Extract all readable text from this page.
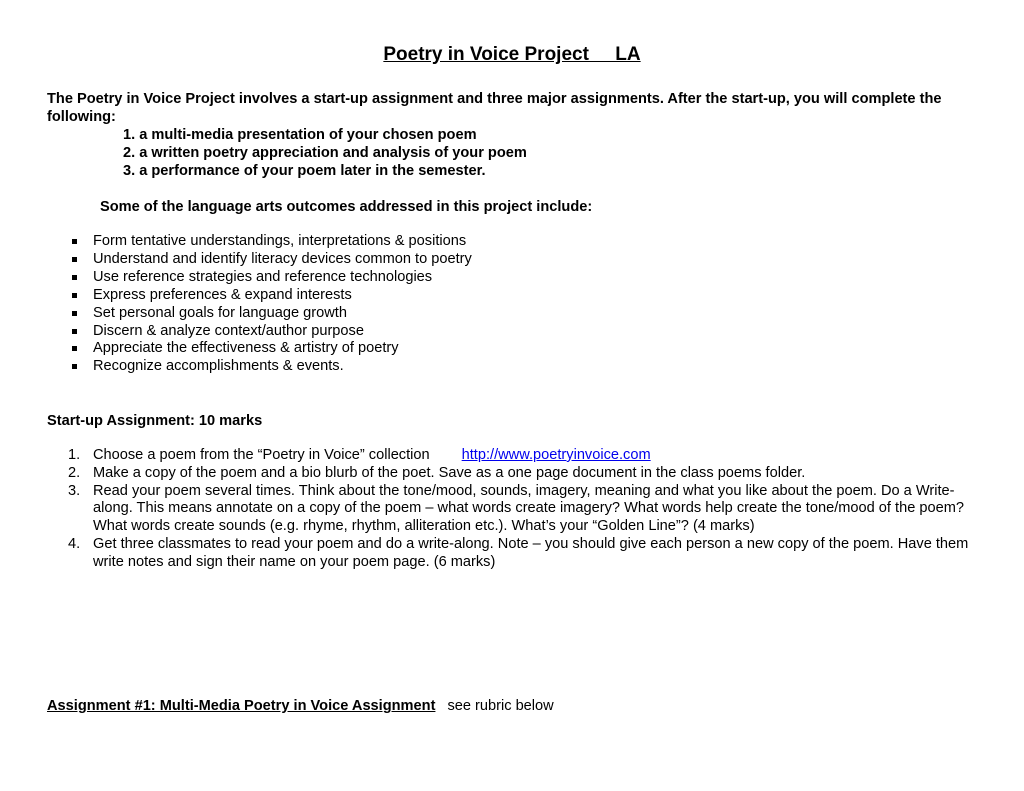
Poetry in Voice Project     LA
The Poetry in Voice Project involves a start-up assignment and three major assignments. After the start-up, you will complete the following:
1. a multi-media presentation of your chosen poem
2. a written poetry appreciation and analysis of your poem
3. a performance of your poem later in the semester.
Some of the language arts outcomes addressed in this project include:
Form tentative understandings, interpretations & positions
Understand and identify literacy devices common to poetry
Use reference strategies and reference technologies
Express preferences & expand interests
Set personal goals for language growth
Discern & analyze context/author purpose
Appreciate the effectiveness & artistry of poetry
Recognize accomplishments & events.
Start-up Assignment: 10 marks
1. Choose a poem from the “Poetry in Voice” collection http://www.poetryinvoice.com
2. Make a copy of the poem and a bio blurb of the poet. Save as a one page document in the class poems folder.
3. Read your poem several times. Think about the tone/mood, sounds, imagery, meaning and what you like about the poem. Do a Write-along. This means annotate on a copy of the poem – what words create imagery? What words help create the tone/mood of the poem? What words create sounds (e.g. rhyme, rhythm, alliteration etc.). What’s your “Golden Line”? (4 marks)
4. Get three classmates to read your poem and do a write-along. Note – you should give each person a new copy of the poem. Have them write notes and sign their name on your poem page. (6 marks)
Assignment #1: Multi-Media Poetry in Voice Assignment see rubric below
